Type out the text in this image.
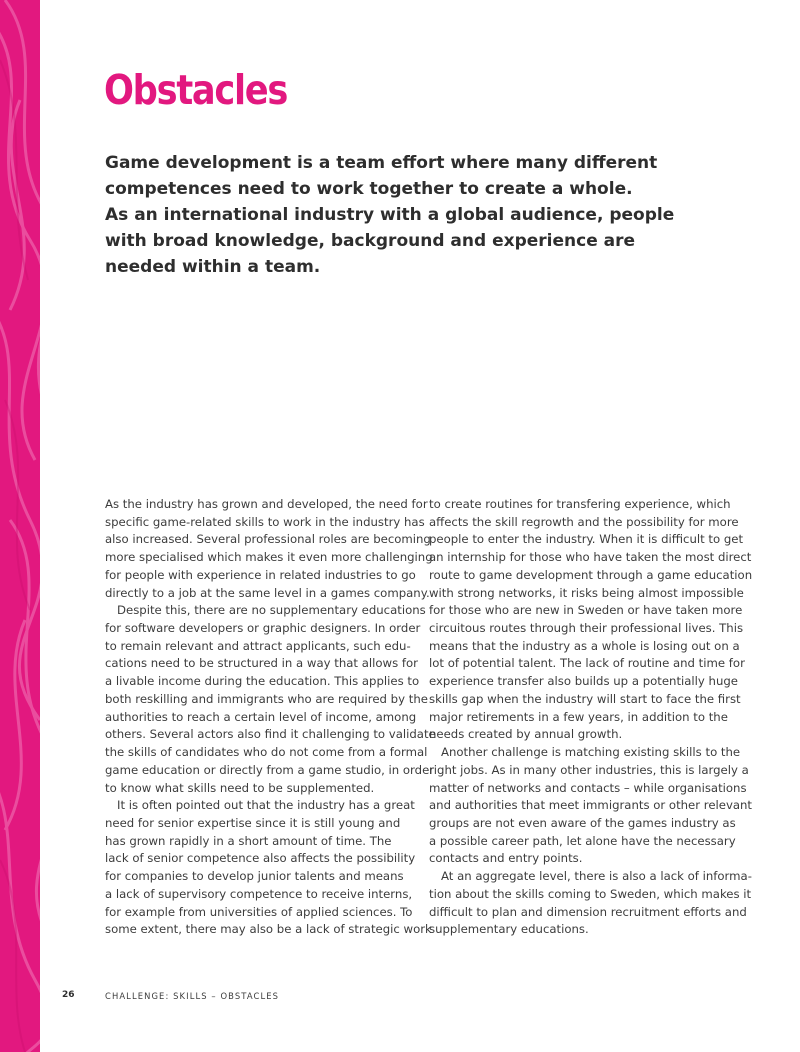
Obstacles
Game development is a team effort where many different
competences need to work together to create a whole.
As an international industry with a global audience, people
with broad knowledge, background and experience are
needed within a team.
As the industry has grown and developed, the need for
specific game-related skills to work in the industry has
also increased. Several professional roles are becoming
more specialised which makes it even more challenging
for people with experience in related industries to go
directly to a job at the same level in a games company.
Despite this, there are no supplementary educations
for software developers or graphic designers. In order
to remain relevant and attract applicants, such edu-
cations need to be structured in a way that allows for
a livable income during the education. This applies to
both reskilling and immigrants who are required by the
authorities to reach a certain level of income, among
others. Several actors also find it challenging to validate
the skills of candidates who do not come from a formal
game education or directly from a game studio, in order
to know what skills need to be supplemented.
It is often pointed out that the industry has a great
need for senior expertise since it is still young and
has grown rapidly in a short amount of time. The
lack of senior competence also affects the possibility
for companies to develop junior talents and means
a lack of supervisory competence to receive interns,
for example from universities of applied sciences. To
some extent, there may also be a lack of strategic work
to create routines for transfering experience, which
affects the skill regrowth and the possibility for more
people to enter the industry. When it is difficult to get
an internship for those who have taken the most direct
route to game development through a game education
with strong networks, it risks being almost impossible
for those who are new in Sweden or have taken more
circuitous routes through their professional lives. This
means that the industry as a whole is losing out on a
lot of potential talent. The lack of routine and time for
experience transfer also builds up a potentially huge
skills gap when the industry will start to face the first
major retirements in a few years, in addition to the
needs created by annual growth.
Another challenge is matching existing skills to the
right jobs. As in many other industries, this is largely a
matter of networks and contacts – while organisations
and authorities that meet immigrants or other relevant
groups are not even aware of the games industry as
a possible career path, let alone have the necessary
contacts and entry points.
At an aggregate level, there is also a lack of informa-
tion about the skills coming to Sweden, which makes it
difficult to plan and dimension recruitment efforts and
supplementary educations.
26	CHALLENGE: SKILLS – OBSTACLES
